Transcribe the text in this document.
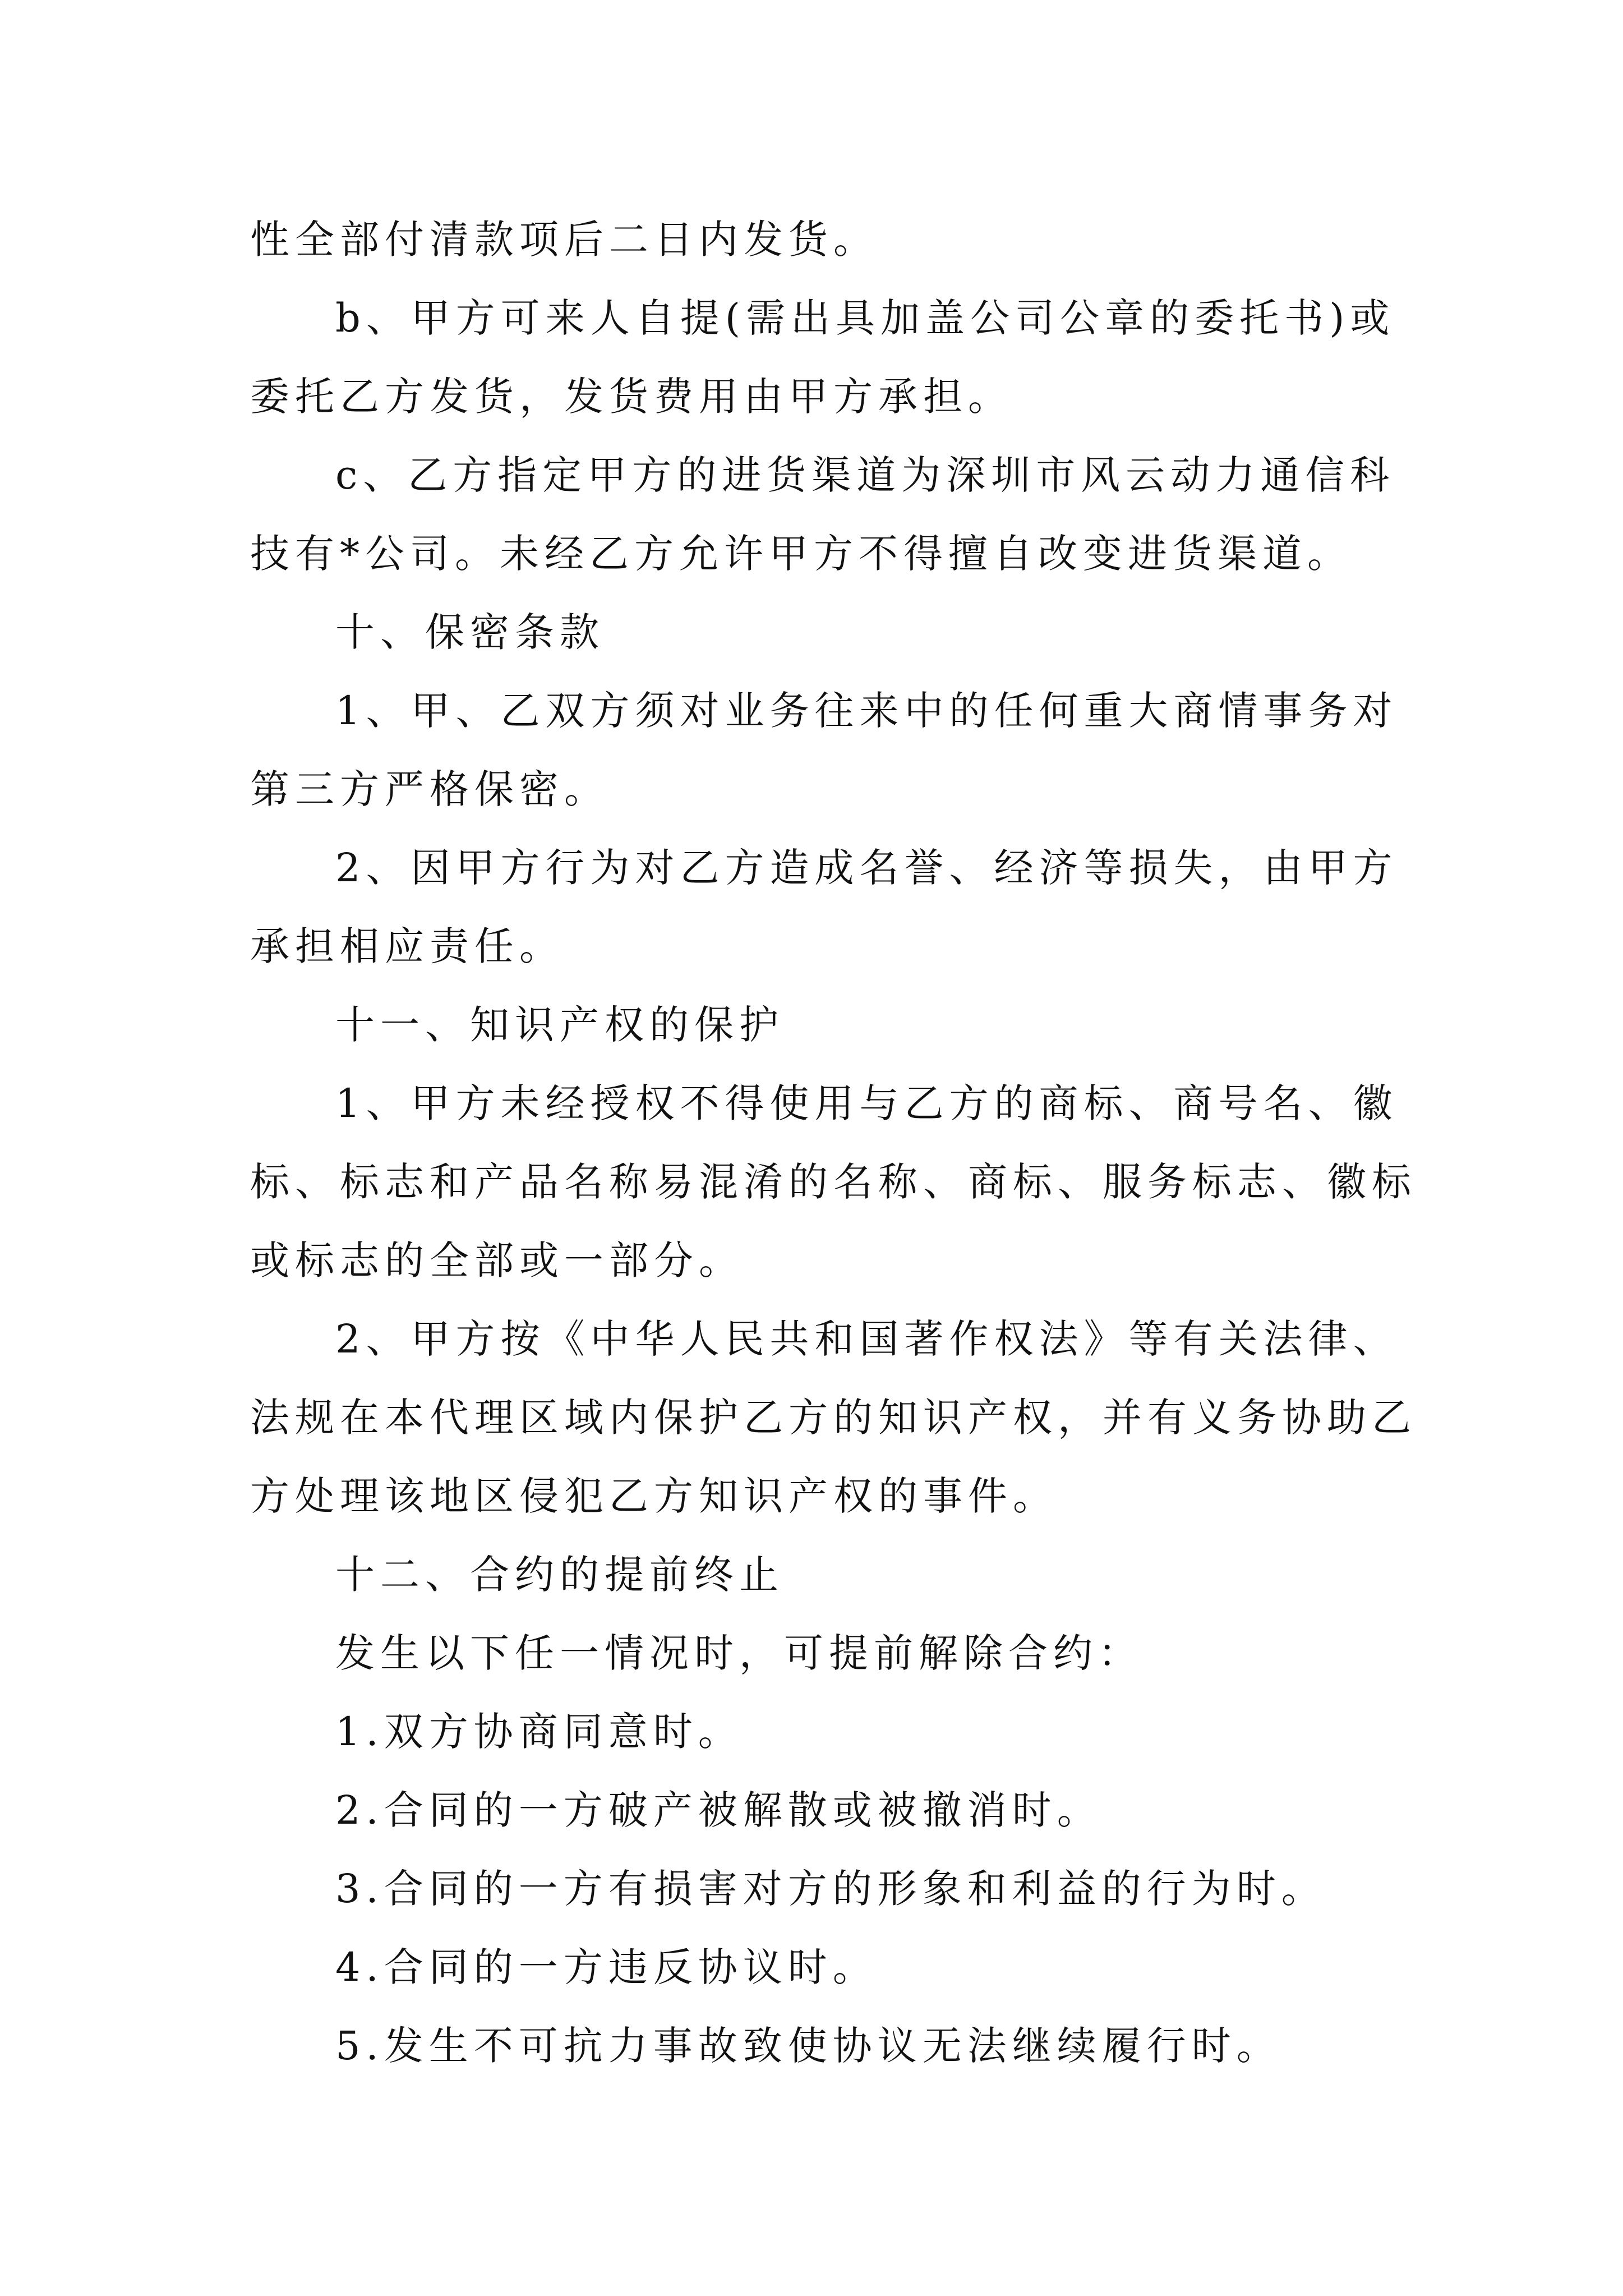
性全部付清款项后二日内发货。
b、甲方可来人自提(需出具加盖公司公章的委托书)或
委托乙方发货，发货费用由甲方承担。
c、乙方指定甲方的进货渠道为深圳市风云动力通信科
技有*公司。未经乙方允许甲方不得擅自改变进货渠道。
十、保密条款
1、甲、乙双方须对业务往来中的任何重大商情事务对
第三方严格保密。
2、因甲方行为对乙方造成名誉、经济等损失，由甲方
承担相应责任。
十一、知识产权的保护
1、甲方未经授权不得使用与乙方的商标、商号名、徽
标、标志和产品名称易混淆的名称、商标、服务标志、徽标
或标志的全部或一部分。
2、甲方按《中华人民共和国著作权法》等有关法律、
法规在本代理区域内保护乙方的知识产权，并有义务协助乙
方处理该地区侵犯乙方知识产权的事件。
十二、合约的提前终止
发生以下任一情况时，可提前解除合约：
1.双方协商同意时。
2.合同的一方破产被解散或被撤消时。
3.合同的一方有损害对方的形象和利益的行为时。
4.合同的一方违反协议时。
5.发生不可抗力事故致使协议无法继续履行时。
